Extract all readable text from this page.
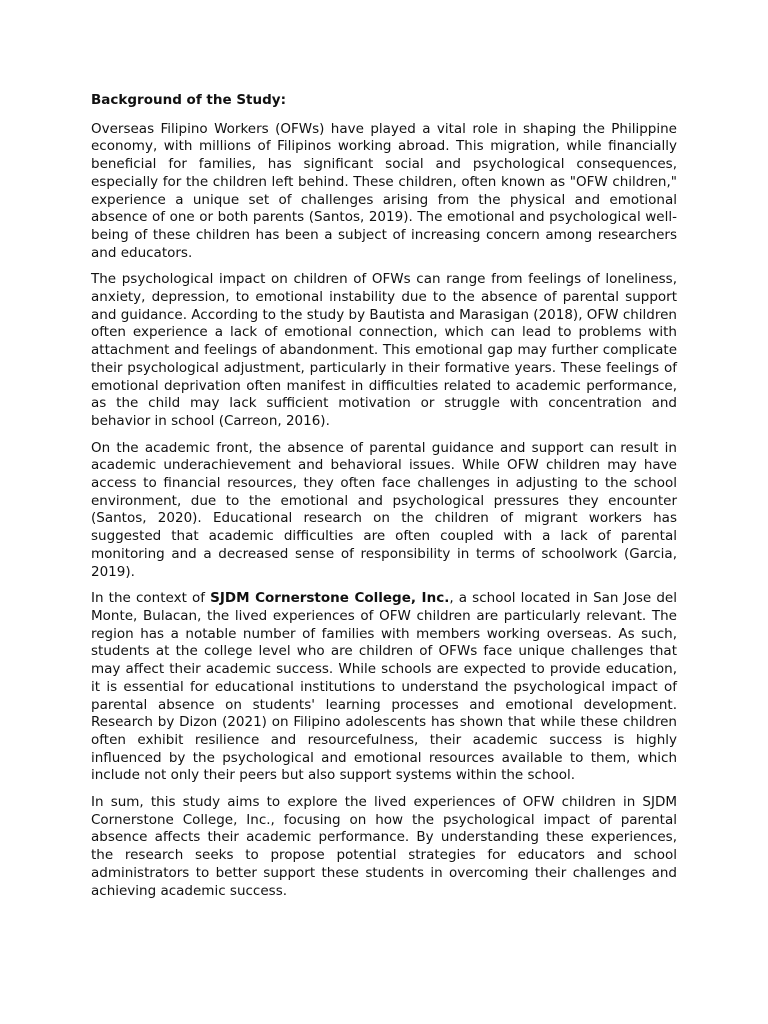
Background of the Study:

Overseas Filipino Workers (OFWs) have played a vital role in shaping the Philippine economy, with millions of Filipinos working abroad. This migration, while financially beneficial for families, has significant social and psychological consequences, especially for the children left behind. These children, often known as "OFW children," experience a unique set of challenges arising from the physical and emotional absence of one or both parents (Santos, 2019). The emotional and psychological well-being of these children has been a subject of increasing concern among researchers and educators.

The psychological impact on children of OFWs can range from feelings of loneliness, anxiety, depression, to emotional instability due to the absence of parental support and guidance. According to the study by Bautista and Marasigan (2018), OFW children often experience a lack of emotional connection, which can lead to problems with attachment and feelings of abandonment. This emotional gap may further complicate their psychological adjustment, particularly in their formative years. These feelings of emotional deprivation often manifest in difficulties related to academic performance, as the child may lack sufficient motivation or struggle with concentration and behavior in school (Carreon, 2016).

On the academic front, the absence of parental guidance and support can result in academic underachievement and behavioral issues. While OFW children may have access to financial resources, they often face challenges in adjusting to the school environment, due to the emotional and psychological pressures they encounter (Santos, 2020). Educational research on the children of migrant workers has suggested that academic difficulties are often coupled with a lack of parental monitoring and a decreased sense of responsibility in terms of schoolwork (Garcia, 2019).

In the context of SJDM Cornerstone College, Inc., a school located in San Jose del Monte, Bulacan, the lived experiences of OFW children are particularly relevant. The region has a notable number of families with members working overseas. As such, students at the college level who are children of OFWs face unique challenges that may affect their academic success. While schools are expected to provide education, it is essential for educational institutions to understand the psychological impact of parental absence on students' learning processes and emotional development. Research by Dizon (2021) on Filipino adolescents has shown that while these children often exhibit resilience and resourcefulness, their academic success is highly influenced by the psychological and emotional resources available to them, which include not only their peers but also support systems within the school.

In sum, this study aims to explore the lived experiences of OFW children in SJDM Cornerstone College, Inc., focusing on how the psychological impact of parental absence affects their academic performance. By understanding these experiences, the research seeks to propose potential strategies for educators and school administrators to better support these students in overcoming their challenges and achieving academic success.
